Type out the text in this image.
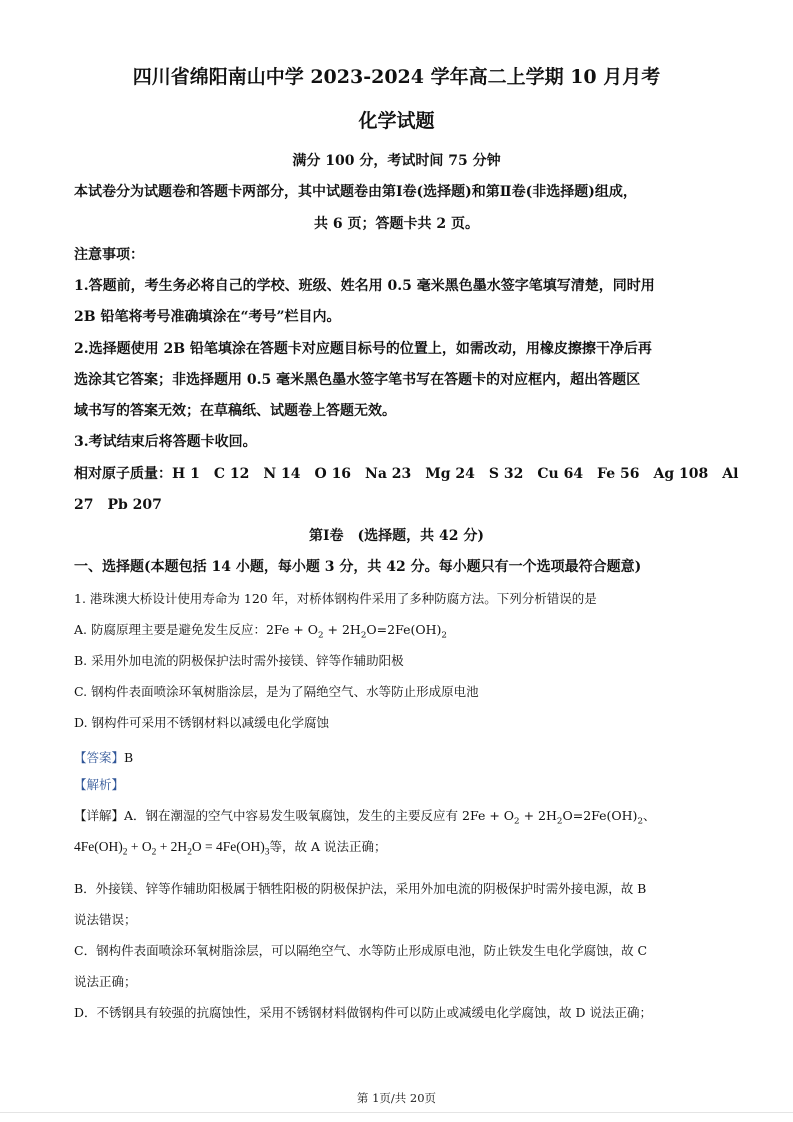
四川省绵阳南山中学 2023-2024 学年高二上学期 10 月月考
化学试题
满分 100 分，考试时间 75 分钟
本试卷分为试题卷和答题卡两部分，其中试题卷由第Ⅰ卷(选择题)和第Ⅱ卷(非选择题)组成，
共 6 页；答题卡共 2 页。
注意事项：
1.答题前，考生务必将自己的学校、班级、姓名用 0.5 毫米黑色墨水签字笔填写清楚，同时用
2B 铅笔将考号准确填涂在“考号”栏目内。
2.选择题使用 2B 铅笔填涂在答题卡对应题目标号的位置上，如需改动，用橡皮擦擦干净后再
选涂其它答案；非选择题用 0.5 毫米黑色墨水签字笔书写在答题卡的对应框内，超出答题区
域书写的答案无效；在草稿纸、试题卷上答题无效。
3.考试结束后将答题卡收回。
相对原子质量：H 1　C 12　N 14　O 16　Na 23　Mg 24　S 32　Cu 64　Fe 56　Ag 108　Al
27　Pb 207
第Ⅰ卷　(选择题，共 42 分)
一、选择题(本题包括 14 小题，每小题 3 分，共 42 分。每小题只有一个选项最符合题意)
1. 港珠澳大桥设计使用寿命为 120 年，对桥体钢构件采用了多种防腐方法。下列分析错误的是
A. 防腐原理主要是避免发生反应：$2Fe + O_2 + 2H_2O=2Fe(OH)_2$
B. 采用外加电流的阴极保护法时需外接镁、锌等作辅助阳极
C. 钢构件表面喷涂环氧树脂涂层，是为了隔绝空气、水等防止形成原电池
D. 钢构件可采用不锈钢材料以减缓电化学腐蚀
【答案】B
【解析】
【详解】A．钢在潮湿的空气中容易发生吸氧腐蚀，发生的主要反应有 $2Fe + O_2 + 2H_2O=2Fe(OH)_2$、
$4Fe(OH)_2 + O_2 + 2H_2O = 4Fe(OH)_3$等，故 A 说法正确；
B．外接镁、锌等作辅助阳极属于牺牲阳极的阴极保护法，采用外加电流的阴极保护时需外接电源，故 B
说法错误；
C．钢构件表面喷涂环氧树脂涂层，可以隔绝空气、水等防止形成原电池，防止铁发生电化学腐蚀，故 C
说法正确；
D．不锈钢具有较强的抗腐蚀性，采用不锈钢材料做钢构件可以防止或减缓电化学腐蚀，故 D 说法正确；
第 1页/共 20页
